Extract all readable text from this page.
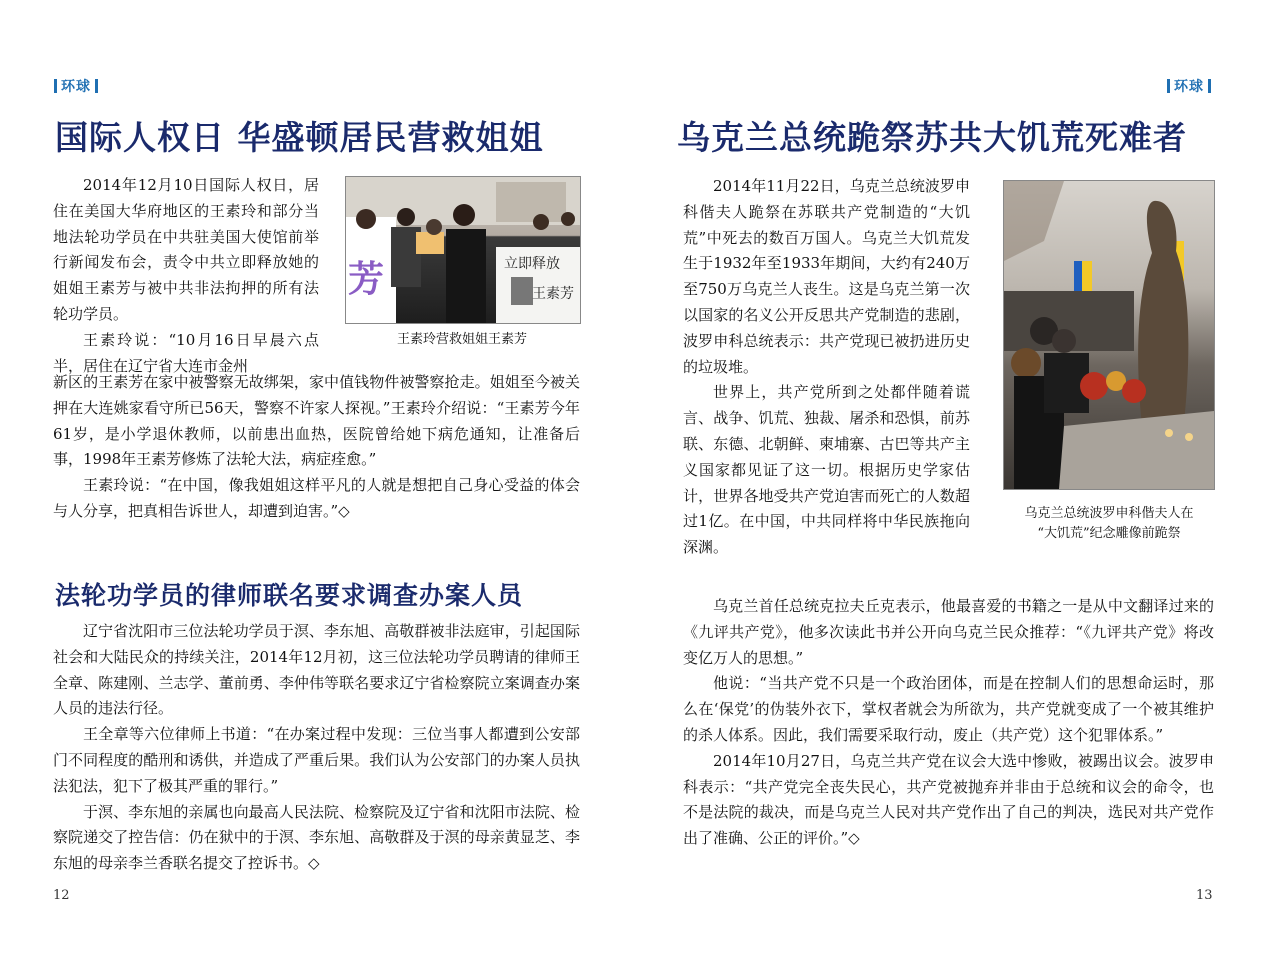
环球
国际人权日 华盛顿居民营救姐姐
芳	立即释放
王素芳
王素玲营救姐姐王素芳

2014年12月10日国际人权日，居住在美国大华府地区的王素玲和部分当地法轮功学员在中共驻美国大使馆前举行新闻发布会，责令中共立即释放她的姐姐王素芳与被中共非法拘押的所有法轮功学员。

王素玲说：“10月16日早晨六点半，居住在辽宁省大连市金州

新区的王素芳在家中被警察无故绑架，家中值钱物件被警察抢走。姐姐至今被关押在大连姚家看守所已56天，警察不许家人探视。”王素玲介绍说：“王素芳今年61岁，是小学退休教师，以前患出血热，医院曾给她下病危通知，让准备后事，1998年王素芳修炼了法轮大法，病症痊愈。”

王素玲说：“在中国，像我姐姐这样平凡的人就是想把自己身心受益的体会与人分享，把真相告诉世人，却遭到迫害。”◇

法轮功学员的律师联名要求调查办案人员

辽宁省沈阳市三位法轮功学员于溟、李东旭、高敬群被非法庭审，引起国际社会和大陆民众的持续关注，2014年12月初，这三位法轮功学员聘请的律师王全章、陈建刚、兰志学、董前勇、李仲伟等联名要求辽宁省检察院立案调查办案人员的违法行径。

王全章等六位律师上书道：“在办案过程中发现：三位当事人都遭到公安部门不同程度的酷刑和诱供，并造成了严重后果。我们认为公安部门的办案人员执法犯法，犯下了极其严重的罪行。”

于溟、李东旭的亲属也向最高人民法院、检察院及辽宁省和沈阳市法院、检察院递交了控告信：仍在狱中的于溟、李东旭、高敬群及于溟的母亲黄显芝、李东旭的母亲李兰香联名提交了控诉书。◇

12
环球
乌克兰总统跪祭苏共大饥荒死难者
乌克兰总统波罗申科偕夫人在
“大饥荒”纪念雕像前跪祭

2014年11月22日，乌克兰总统波罗申科偕夫人跪祭在苏联共产党制造的“大饥荒”中死去的数百万国人。乌克兰大饥荒发生于1932年至1933年期间，大约有240万至750万乌克兰人丧生。这是乌克兰第一次以国家的名义公开反思共产党制造的悲剧，波罗申科总统表示：共产党现已被扔进历史的垃圾堆。

世界上，共产党所到之处都伴随着谎言、战争、饥荒、独裁、屠杀和恐惧，前苏联、东德、北朝鲜、柬埔寨、古巴等共产主义国家都见证了这一切。根据历史学家估计，世界各地受共产党迫害而死亡的人数超过1亿。在中国，中共同样将中华民族拖向深渊。

乌克兰首任总统克拉夫丘克表示，他最喜爱的书籍之一是从中文翻译过来的《九评共产党》，他多次读此书并公开向乌克兰民众推荐：“《九评共产党》将改变亿万人的思想。”

他说：“当共产党不只是一个政治团体，而是在控制人们的思想命运时，那么在‘保党’的伪装外衣下，掌权者就会为所欲为，共产党就变成了一个被其维护的杀人体系。因此，我们需要采取行动，废止（共产党）这个犯罪体系。”

2014年10月27日，乌克兰共产党在议会大选中惨败，被踢出议会。波罗申科表示：“共产党完全丧失民心，共产党被抛弃并非由于总统和议会的命令，也不是法院的裁决，而是乌克兰人民对共产党作出了自己的判决，选民对共产党作出了准确、公正的评价。”◇

13
